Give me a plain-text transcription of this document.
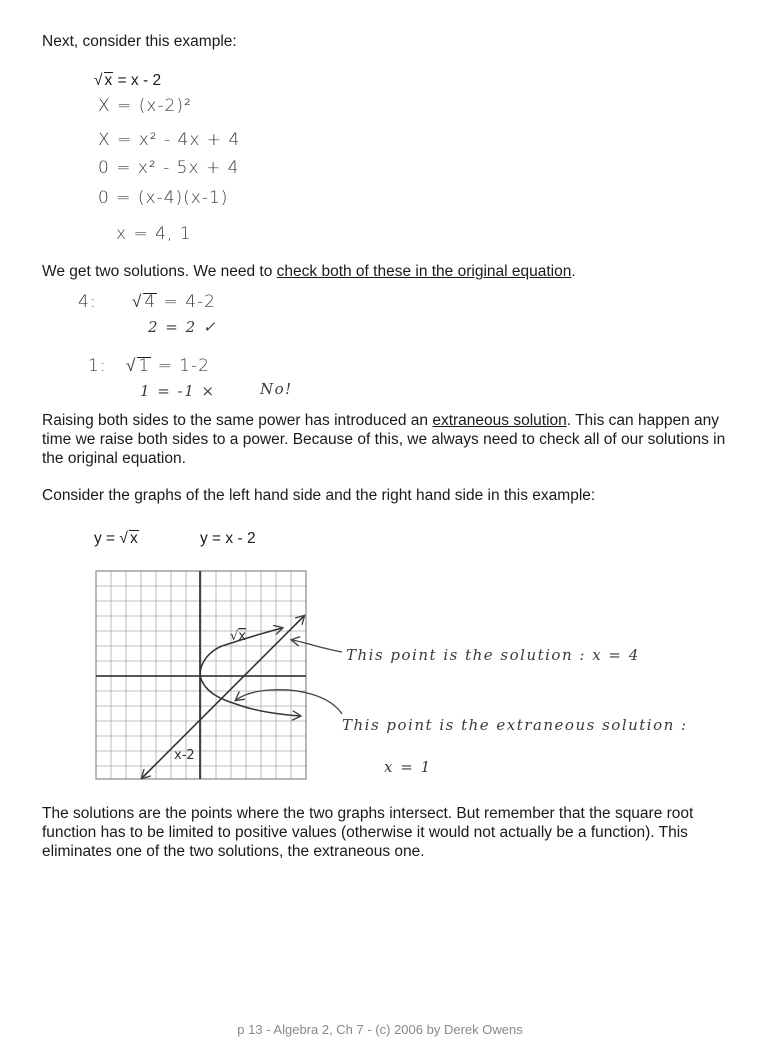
Next, consider this example:
√ x = x - 2
X = (x-2)²
X = x² - 4x + 4
0 = x² - 5x + 4
0 = (x-4)(x-1)
x = 4, 1
We get two solutions. We need to check both of these in the original equation.
4: √ 4 = 4-2
2 = 2 ✓
1: √ 1 = 1-2
1 = -1 ×	No!
Raising both sides to the same power has introduced an extraneous solution. This can happen any time we raise both sides to a power. Because of this, we always need to check all of our solutions in the original equation.
Consider the graphs of the left hand side and the right hand side in this example:
y = √ x	y = x - 2
√x
x-2
This point is the solution : x = 4
This point is the extraneous solution :
x = 1
The solutions are the points where the two graphs intersect. But remember that the square root function has to be limited to positive values (otherwise it would not actually be a function). This eliminates one of the two solutions, the extraneous one.
p 13 - Algebra 2, Ch 7 - (c) 2006 by Derek Owens
